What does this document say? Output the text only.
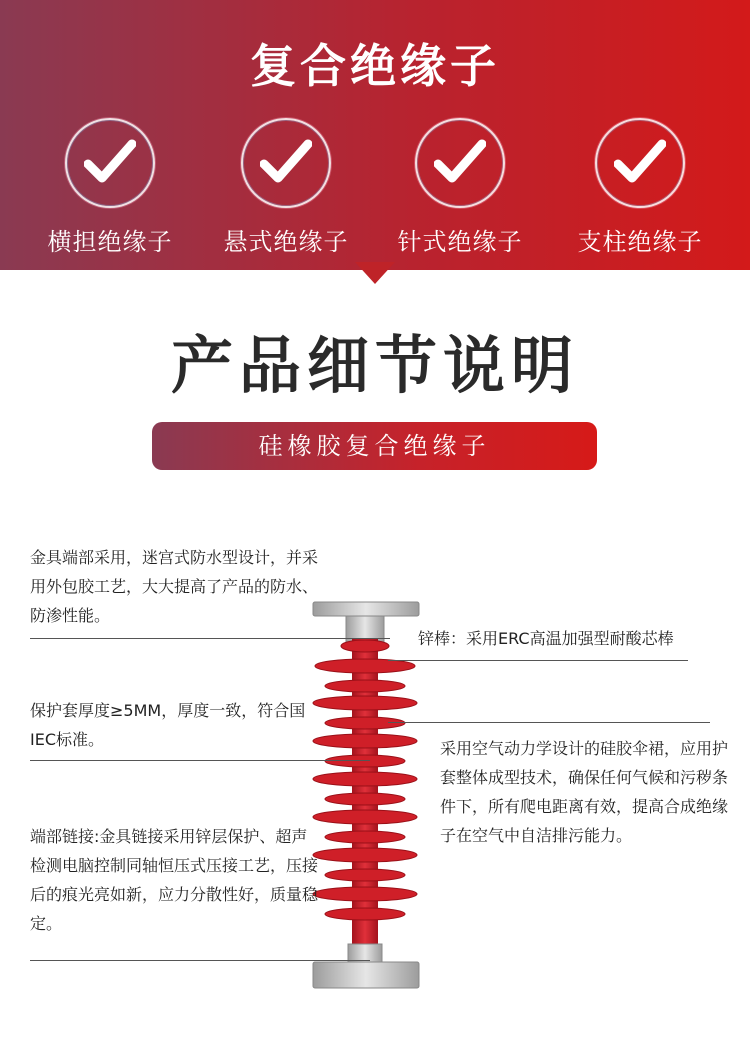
复合绝缘子
横担绝缘子	悬式绝缘子	针式绝缘子	支柱绝缘子
产品细节说明
硅橡胶复合绝缘子
金具端部采用，迷宫式防水型设计，并采用外包胶工艺，大大提高了产品的防水、防渗性能。
锌棒：采用ERC高温加强型耐酸芯棒
保护套厚度≥5MM，厚度一致，符合国IEC标准。	采用空气动力学设计的硅胶伞裙，应用护套整体成型技术，确保任何气候和污秽条件下，所有爬电距离有效，提高合成绝缘子在空气中自洁排污能力。
端部链接:金具链接采用锌层保护、超声检测电脑控制同轴恒压式压接工艺，压接后的痕光亮如新，应力分散性好，质量稳定。
